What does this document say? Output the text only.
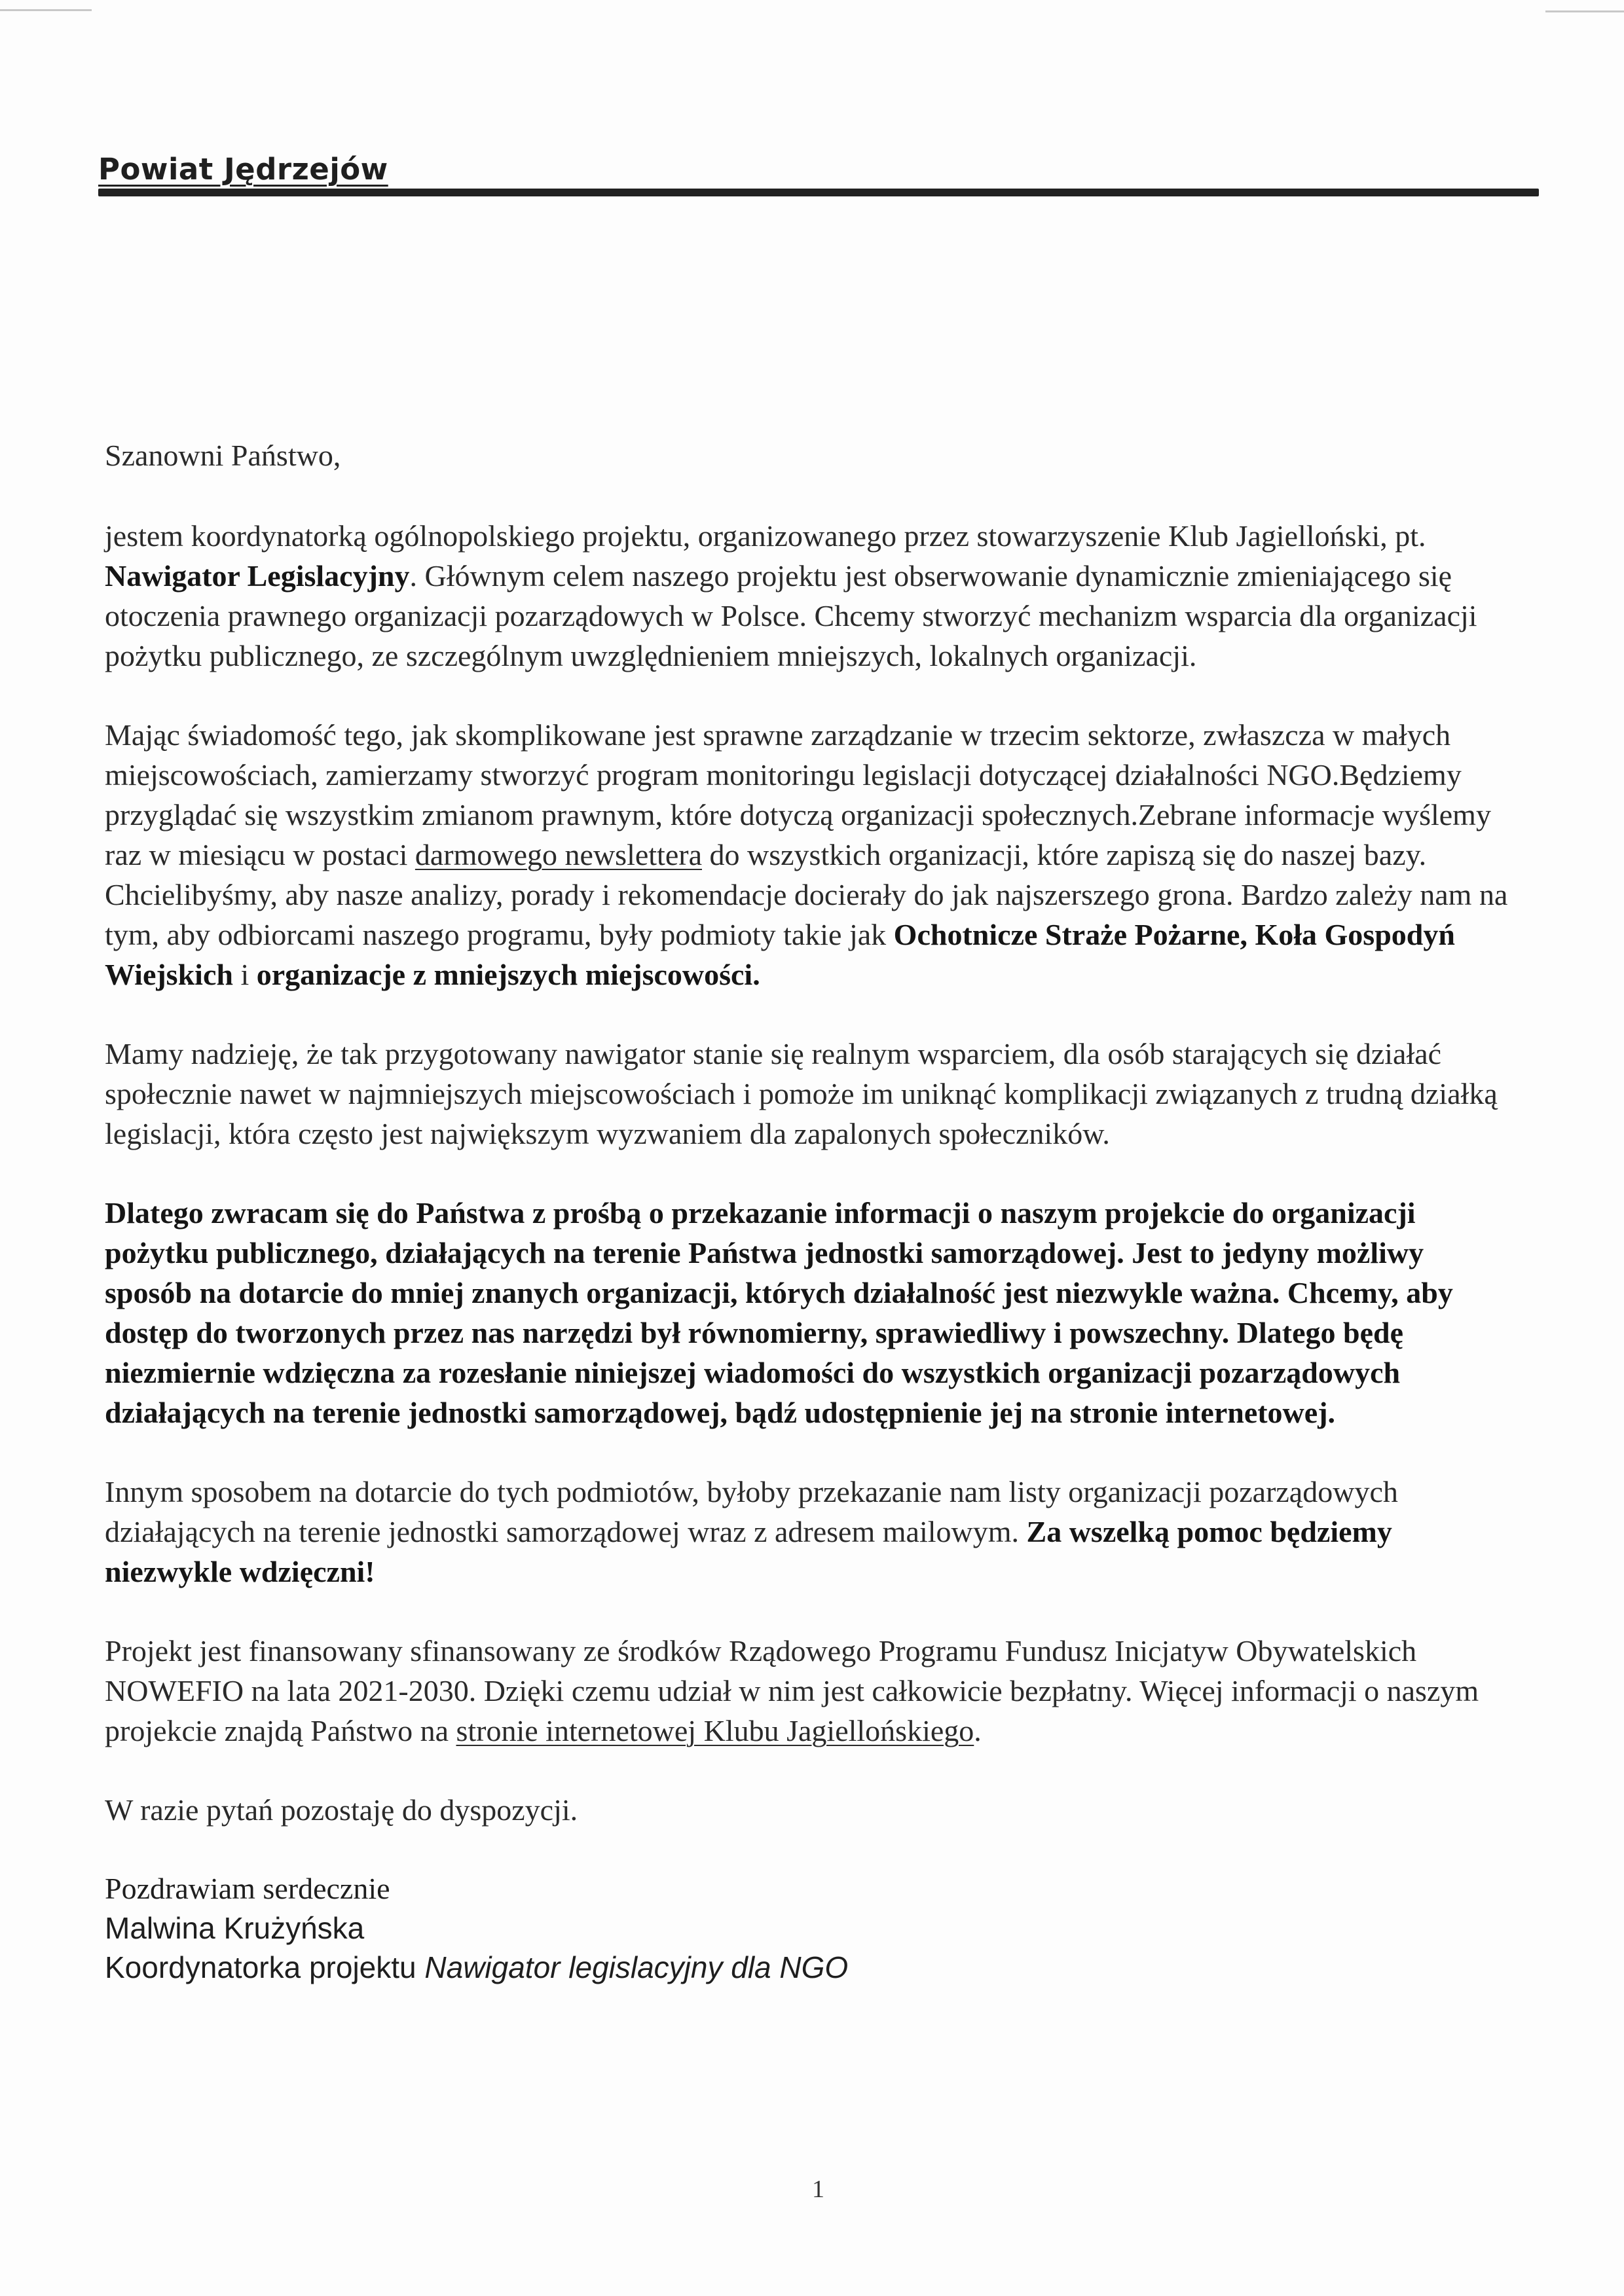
Powiat Jędrzejów

Szanowni Państwo,

jestem koordynatorką ogólnopolskiego projektu, organizowanego przez stowarzyszenie Klub Jagielloński, pt. Nawigator Legislacyjny. Głównym celem naszego projektu jest obserwowanie dynamicznie zmieniającego się otoczenia prawnego organizacji pozarządowych w Polsce. Chcemy stworzyć mechanizm wsparcia dla organizacji pożytku publicznego, ze szczególnym uwzględnieniem mniejszych, lokalnych organizacji.

Mając świadomość tego, jak skomplikowane jest sprawne zarządzanie w trzecim sektorze, zwłaszcza w małych miejscowościach, zamierzamy stworzyć program monitoringu legislacji dotyczącej działalności NGO.Będziemy przyglądać się wszystkim zmianom prawnym, które dotyczą organizacji społecznych.Zebrane informacje wyślemy raz w miesiącu w postaci darmowego newslettera do wszystkich organizacji, które zapiszą się do naszej bazy.

Chcielibyśmy, aby nasze analizy, porady i rekomendacje docierały do jak najszerszego grona. Bardzo zależy nam na tym, aby odbiorcami naszego programu, były podmioty takie jak Ochotnicze Straże Pożarne, Koła Gospodyń Wiejskich i organizacje z mniejszych miejscowości.

Mamy nadzieję, że tak przygotowany nawigator stanie się realnym wsparciem, dla osób starających się działać społecznie nawet w najmniejszych miejscowościach i pomoże im uniknąć komplikacji związanych z trudną działką legislacji, która często jest największym wyzwaniem dla zapalonych społeczników.

Dlatego zwracam się do Państwa z prośbą o przekazanie informacji o naszym projekcie do organizacji pożytku publicznego, działających na terenie Państwa jednostki samorządowej. Jest to jedyny możliwy sposób na dotarcie do mniej znanych organizacji, których działalność jest niezwykle ważna. Chcemy, aby dostęp do tworzonych przez nas narzędzi był równomierny, sprawiedliwy i powszechny. Dlatego będę niezmiernie wdzięczna za rozesłanie niniejszej wiadomości do wszystkich organizacji pozarządowych działających na terenie jednostki samorządowej, bądź udostępnienie jej na stronie internetowej.

Innym sposobem na dotarcie do tych podmiotów, byłoby przekazanie nam listy organizacji pozarządowych działających na terenie jednostki samorządowej wraz z adresem mailowym. Za wszelką pomoc będziemy niezwykle wdzięczni!

Projekt jest finansowany sfinansowany ze środków Rządowego Programu Fundusz Inicjatyw Obywatelskich NOWEFIO na lata 2021-2030. Dzięki czemu udział w nim jest całkowicie bezpłatny. Więcej informacji o naszym projekcie znajdą Państwo na stronie internetowej Klubu Jagiellońskiego.

W razie pytań pozostaję do dyspozycji.

Pozdrawiam serdecznie
Malwina Krużyńska
Koordynatorka projektu Nawigator legislacyjny dla NGO
1
